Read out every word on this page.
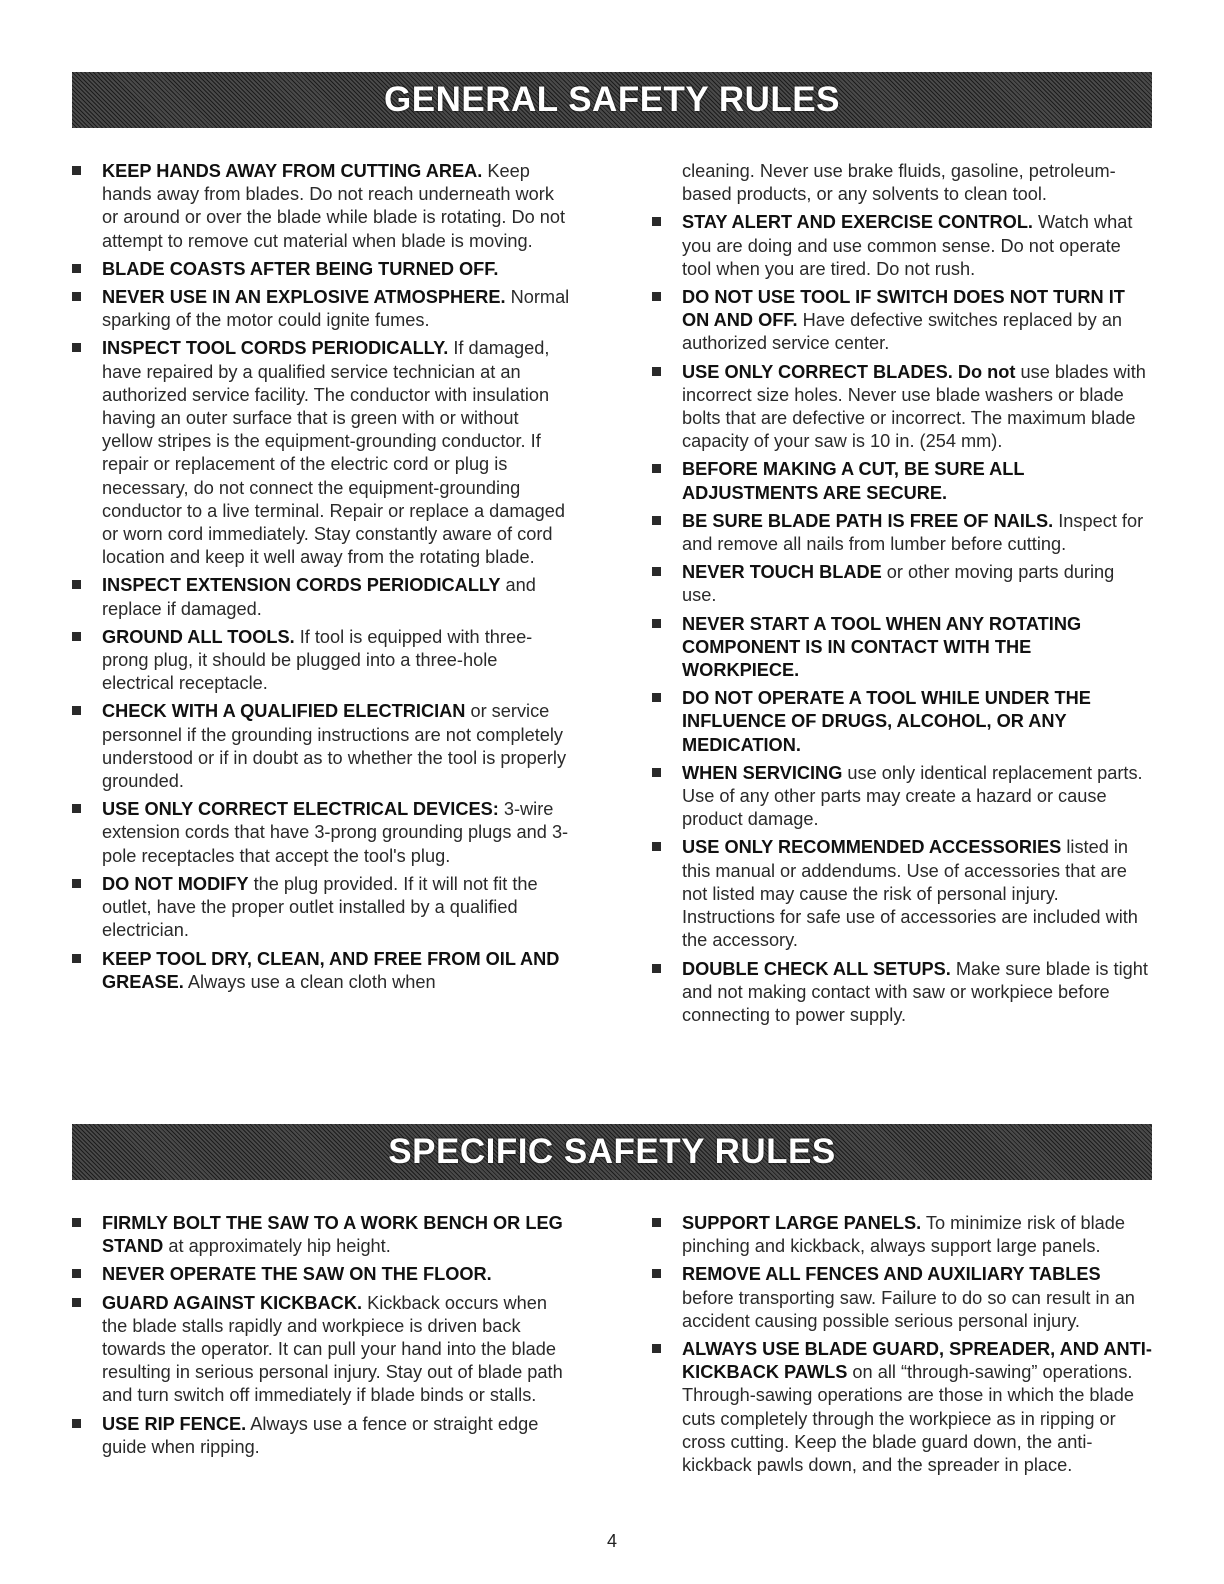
GENERAL SAFETY RULES
KEEP HANDS AWAY FROM CUTTING AREA. Keep hands away from blades. Do not reach underneath work or around or over the blade while blade is rotating. Do not attempt to remove cut material when blade is moving.
BLADE COASTS AFTER BEING TURNED OFF.
NEVER USE IN AN EXPLOSIVE ATMOSPHERE. Normal sparking of the motor could ignite fumes.
INSPECT TOOL CORDS PERIODICALLY. If damaged, have repaired by a qualified service technician at an authorized service facility. The conductor with insulation having an outer surface that is green with or without yellow stripes is the equipment-grounding conductor. If repair or replacement of the electric cord or plug is necessary, do not connect the equipment-grounding conductor to a live terminal. Repair or replace a damaged or worn cord immediately. Stay constantly aware of cord location and keep it well away from the rotating blade.
INSPECT EXTENSION CORDS PERIODICALLY and replace if damaged.
GROUND ALL TOOLS. If tool is equipped with three-prong plug, it should be plugged into a three-hole electrical receptacle.
CHECK WITH A QUALIFIED ELECTRICIAN or service personnel if the grounding instructions are not completely understood or if in doubt as to whether the tool is properly grounded.
USE ONLY CORRECT ELECTRICAL DEVICES: 3-wire extension cords that have 3-prong grounding plugs and 3-pole receptacles that accept the tool's plug.
DO NOT MODIFY the plug provided. If it will not fit the outlet, have the proper outlet installed by a qualified electrician.
KEEP TOOL DRY, CLEAN, AND FREE FROM OIL AND GREASE. Always use a clean cloth when
cleaning. Never use brake fluids, gasoline, petroleum-based products, or any solvents to clean tool.
STAY ALERT AND EXERCISE CONTROL. Watch what you are doing and use common sense. Do not operate tool when you are tired. Do not rush.
DO NOT USE TOOL IF SWITCH DOES NOT TURN IT ON AND OFF. Have defective switches replaced by an authorized service center.
USE ONLY CORRECT BLADES. Do not use blades with incorrect size holes. Never use blade washers or blade bolts that are defective or incorrect. The maximum blade capacity of your saw is 10 in. (254 mm).
BEFORE MAKING A CUT, BE SURE ALL ADJUSTMENTS ARE SECURE.
BE SURE BLADE PATH IS FREE OF NAILS. Inspect for and remove all nails from lumber before cutting.
NEVER TOUCH BLADE or other moving parts during use.
NEVER START A TOOL WHEN ANY ROTATING COMPONENT IS IN CONTACT WITH THE WORKPIECE.
DO NOT OPERATE A TOOL WHILE UNDER THE INFLUENCE OF DRUGS, ALCOHOL, OR ANY MEDICATION.
WHEN SERVICING use only identical replacement parts. Use of any other parts may create a hazard or cause product damage.
USE ONLY RECOMMENDED ACCESSORIES listed in this manual or addendums. Use of accessories that are not listed may cause the risk of personal injury. Instructions for safe use of accessories are included with the accessory.
DOUBLE CHECK ALL SETUPS. Make sure blade is tight and not making contact with saw or workpiece before connecting to power supply.
SPECIFIC SAFETY RULES
FIRMLY BOLT THE SAW TO A WORK BENCH OR LEG STAND at approximately hip height.
NEVER OPERATE THE SAW ON THE FLOOR.
GUARD AGAINST KICKBACK. Kickback occurs when the blade stalls rapidly and workpiece is driven back towards the operator. It can pull your hand into the blade resulting in serious personal injury. Stay out of blade path and turn switch off immediately if blade binds or stalls.
USE RIP FENCE. Always use a fence or straight edge guide when ripping.
SUPPORT LARGE PANELS. To minimize risk of blade pinching and kickback, always support large panels.
REMOVE ALL FENCES AND AUXILIARY TABLES before transporting saw. Failure to do so can result in an accident causing possible serious personal injury.
ALWAYS USE BLADE GUARD, SPREADER, AND ANTI-KICKBACK PAWLS on all “through-sawing” operations. Through-sawing operations are those in which the blade cuts completely through the workpiece as in ripping or cross cutting. Keep the blade guard down, the anti-kickback pawls down, and the spreader in place.
4
